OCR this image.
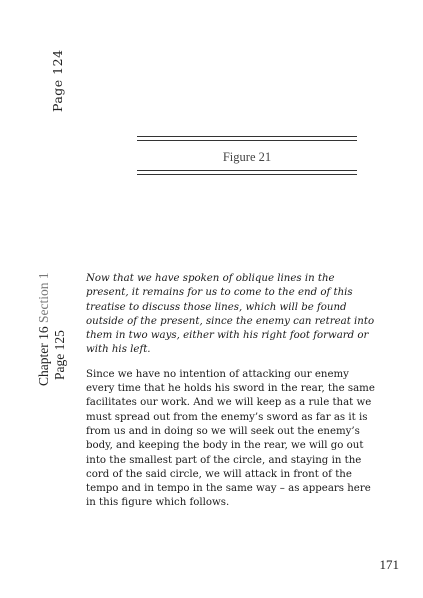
Page 124
Chapter 16 Section 1
Page 125
Figure 21

Now that we have spoken of oblique lines in the present, it remains for us to come to the end of this treatise to discuss those lines, which will be found outside of the present, since the enemy can retreat into them in two ways, either with his right foot forward or with his left.

Since we have no intention of attacking our enemy every time that he holds his sword in the rear, the same facilitates our work. And we will keep as a rule that we must spread out from the enemy’s sword as far as it is from us and in doing so we will seek out the enemy’s body, and keeping the body in the rear, we will go out into the smallest part of the circle, and staying in the cord of the said circle, we will attack in front of the tempo and in tempo in the same way – as appears here in this figure which follows.

171
